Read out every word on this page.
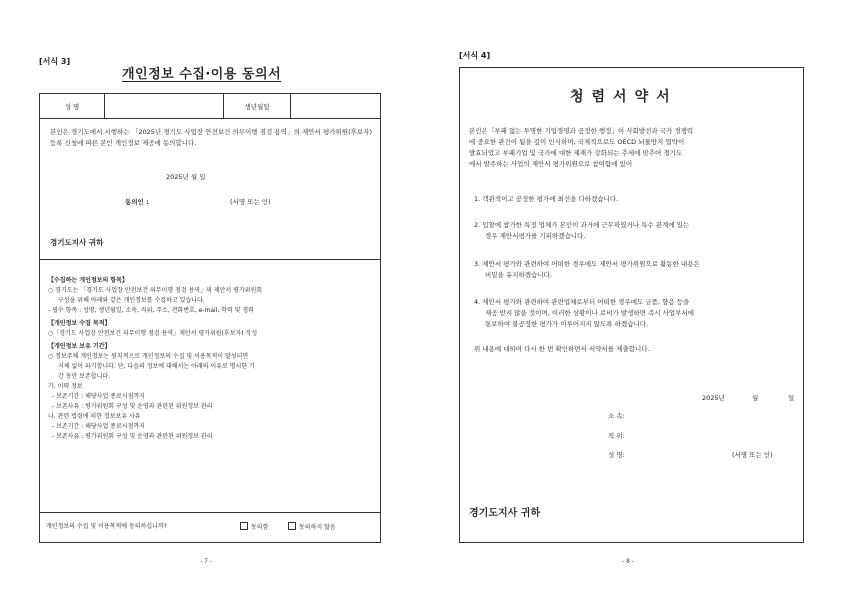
[서식 3]
개인정보 수집·이용 동의서
성 명	생년월일
본인은 경기도에서 시행하는 「2025년 경기도 사업장 안전보건 의무이행 점검 용역」의 제안서 평가위원(후보자) 등록 신청에 따른 본인 개인정보 제공에 동의합니다.
2025년 월 일
동의인 :	(서명 또는 인)
경기도지사 귀하
【수집하는 개인정보의 항목】
○ 경기도는 「경기도 사업장 안전보건 의무이행 점검 용역」의 제안서 평가위원회
구성을 위해 아래와 같은 개인정보를 수집하고 있습니다.
- 필수 항목 : 성명, 생년월일, 소속, 직위, 주소, 전화번호, e-mail, 학력 및 경력
【개인정보 수집 목적】
○「경기도 사업장 안전보건 의무이행 점검 용역」제안서 평가위원(후보자) 작성
【개인정보 보유 기간】
○ 정보주체 개인정보는 원칙적으로 개인정보의 수집 및 이용목적이 달성되면
지체 없이 파기합니다. 단, 다음의 정보에 대해서는 아래의 이유로 명시한 기
간 동안 보존합니다.
가. 이력 정보
- 보존기간 : 해당사업 종료시점까지
- 보존사유 : 평가위원회 구성 및 운영과 관련된 위원정보 관리
나. 관련 법령에 의한 정보보유 사유
- 보존기간 : 해당사업 종료시점까지
- 보존사유 : 평가위원회 구성 및 운영과 관련된 위원정보 관리
개인정보의 수집 및 이용목적에 동의하십니까?	동의함	동의하지 않음
- 7 -
[서식 4]
청렴서약서
본인은「부패 없는 투명한 기업경영과 공정한 행정」이 사회발전과 국가 경쟁력
에 중요한 관건이 됨을 깊이 인식하며, 국제적으로도 OECD 뇌물방지 협약이
발효되었고 부패기업 및 국가에 대한 제재가 강화되는 추세에 맞추어 경기도
에서 발주하는 사업의 제안서 평가위원으로 참여함에 있어
1. 객관적이고 공정한 평가에 최선을 다하겠습니다.
2. 입찰에 참가한 특정 업체가 본인이 과거에 근무하였거나 특수 관계에 있는
경우 제안서평가를 기피하겠습니다.
3. 제안서 평가와 관련하여 어떠한 경우에도 제안서 평가위원으로 활동한 내용은
비밀을 유지하겠습니다.
4. 제안서 평가와 관련하여 관련업체로부터 어떠한 경우에도 금품, 향응 등을
제공 받지 않을 것이며, 이러한 상황이나 로비가 발생하면 즉시 사업부서에
통보하여 불공정한 평가가 이루어지지 않도록 하겠습니다.
위 내용에 대하여 다시 한 번 확인하면서 서약서를 제출합니다.
2025년	월	일
소 속:
직 위:
성 명:	(서명 또는 인)
경기도지사 귀하
- 8 -
